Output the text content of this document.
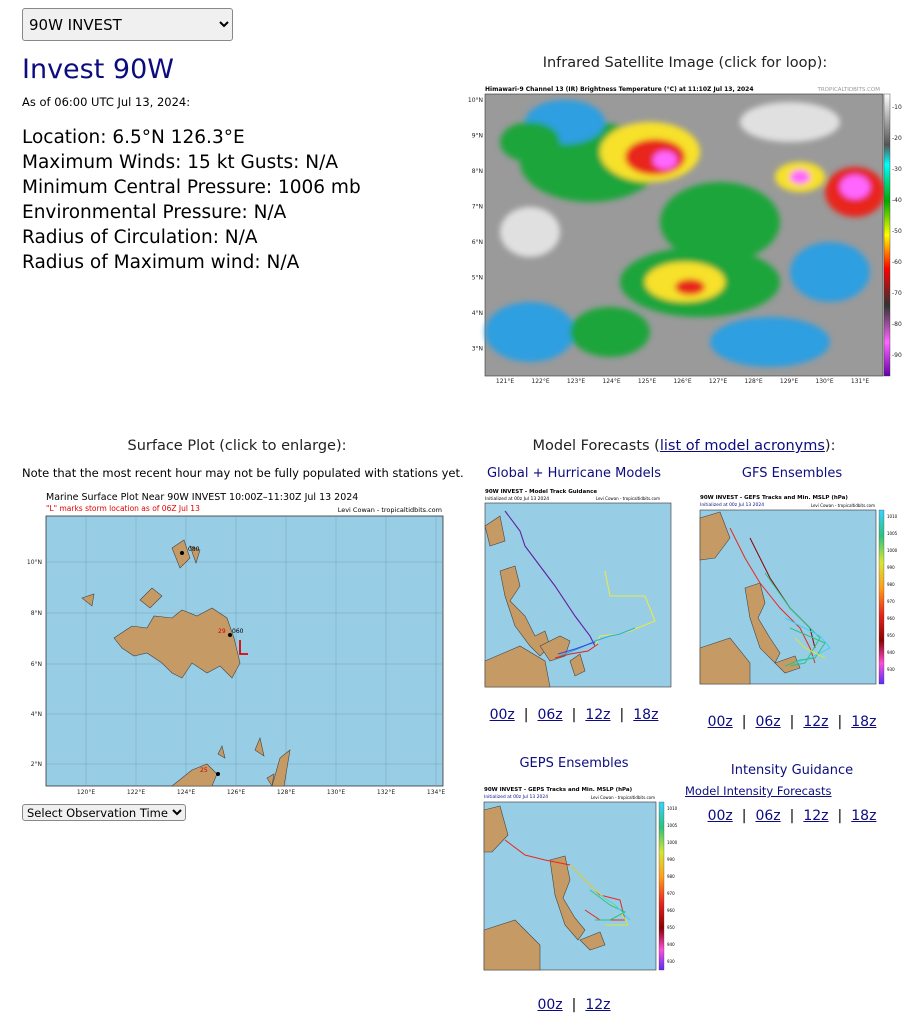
90W INVEST
Invest 90W
As of 06:00 UTC Jul 13, 2024:
Location: 6.5°N 126.3°E
Maximum Winds: 15 kt Gusts: N/A
Minimum Central Pressure: 1006 mb
Environmental Pressure: N/A
Radius of Circulation: N/A
Radius of Maximum wind: N/A
Infrared Satellite Image (click for loop):
Himawari-9 Channel 13 (IR) Brightness Temperature (°C) at 11:10Z Jul 13, 2024	TROPICALTIDBITS.COM
10°N
9°N
8°N
7°N
6°N
5°N
4°N
3°N
121°E	122°E	123°E	124°E	125°E	126°E	127°E	128°E	129°E	130°E	131°E
-10
-20
-30
-40
-50
-60
-70
-80
-90
Surface Plot (click to enlarge):
Note that the most recent hour may not be fully populated with stations yet.
Marine Surface Plot Near 90W INVEST 10:00Z–11:30Z Jul 13 2024
"L" marks storm location as of 06Z Jul 13	Levi Cowan - tropicaltidbits.com
29 060
080
25
10°N
8°N
6°N
4°N
2°N
120°E	122°E	124°E	126°E	128°E	130°E	132°E	134°E
Select Observation Time...
Model Forecasts (list of model acronyms):
Global + Hurricane Models
90W INVEST - Model Track Guidance
Initialized at 00z Jul 13 2024	Levi Cowan - tropicaltidbits.com
00z | 06z | 12z | 18z
GFS Ensembles
90W INVEST - GEFS Tracks and Min. MSLP (hPa)
Initialized at 00z Jul 13 2024	Levi Cowan - tropicaltidbits.com
1010
1005
1000
990
980
970
960
950
940
930
00z | 06z | 12z | 18z
GEPS Ensembles
90W INVEST - GEPS Tracks and Min. MSLP (hPa)
Initialized at 00z Jul 13 2024	Levi Cowan - tropicaltidbits.com
1010
1005
1000
990
980
970
960
950
940
930
00z | 12z
Intensity Guidance
Model Intensity Forecasts
00z | 06z | 12z | 18z
